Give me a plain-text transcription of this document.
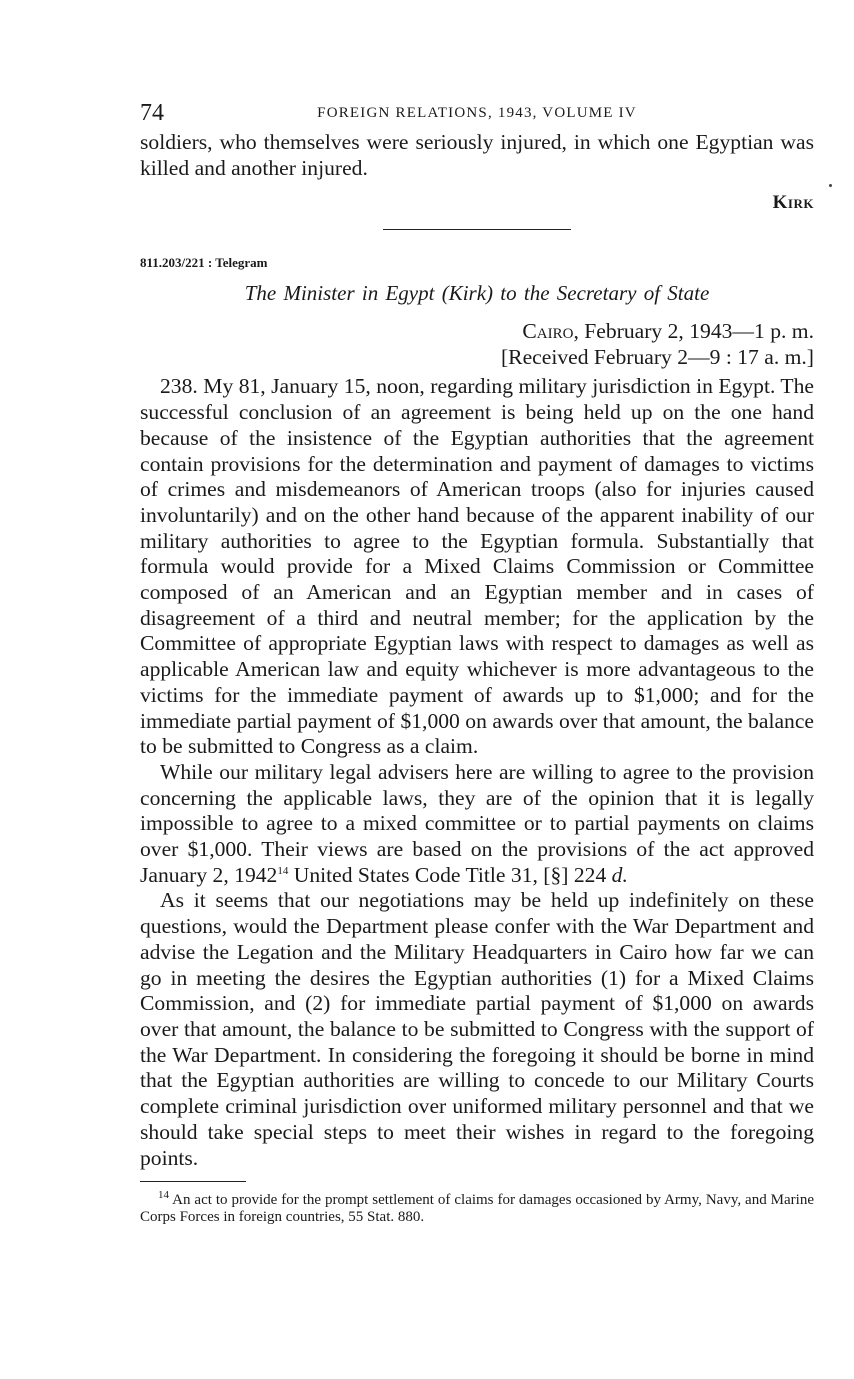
74	FOREIGN RELATIONS, 1943, VOLUME IV

soldiers, who themselves were seriously injured, in which one Egyptian was killed and another injured.

Kirk

811.203/221 : Telegram

The Minister in Egypt (Kirk) to the Secretary of State

Cairo, February 2, 1943—1 p. m.

[Received February 2—9 : 17 a. m.]

238. My 81, January 15, noon, regarding military jurisdiction in Egypt. The successful conclusion of an agreement is being held up on the one hand because of the insistence of the Egyptian authorities that the agreement contain provisions for the determination and payment of damages to victims of crimes and misdemeanors of American troops (also for injuries caused involuntarily) and on the other hand because of the apparent inability of our military authorities to agree to the Egyptian formula. Substantially that formula would provide for a Mixed Claims Commission or Committee composed of an American and an Egyptian member and in cases of disagreement of a third and neutral member; for the application by the Committee of appropriate Egyptian laws with respect to damages as well as applicable American law and equity whichever is more advantageous to the victims for the immediate payment of awards up to $1,000; and for the immediate partial payment of $1,000 on awards over that amount, the balance to be submitted to Congress as a claim.

While our military legal advisers here are willing to agree to the provision concerning the applicable laws, they are of the opinion that it is legally impossible to agree to a mixed committee or to partial payments on claims over $1,000. Their views are based on the provisions of the act approved January 2, 1942$^{14}$ United States Code Title 31, [§] 224 d.

As it seems that our negotiations may be held up indefinitely on these questions, would the Department please confer with the War Department and advise the Legation and the Military Headquarters in Cairo how far we can go in meeting the desires the Egyptian authorities (1) for a Mixed Claims Commission, and (2) for immediate partial payment of $1,000 on awards over that amount, the balance to be submitted to Congress with the support of the War Department. In considering the foregoing it should be borne in mind that the Egyptian authorities are willing to concede to our Military Courts complete criminal jurisdiction over uniformed military personnel and that we should take special steps to meet their wishes in regard to the foregoing points.

$^{14}$ An act to provide for the prompt settlement of claims for damages occasioned by Army, Navy, and Marine Corps Forces in foreign countries, 55 Stat. 880.
